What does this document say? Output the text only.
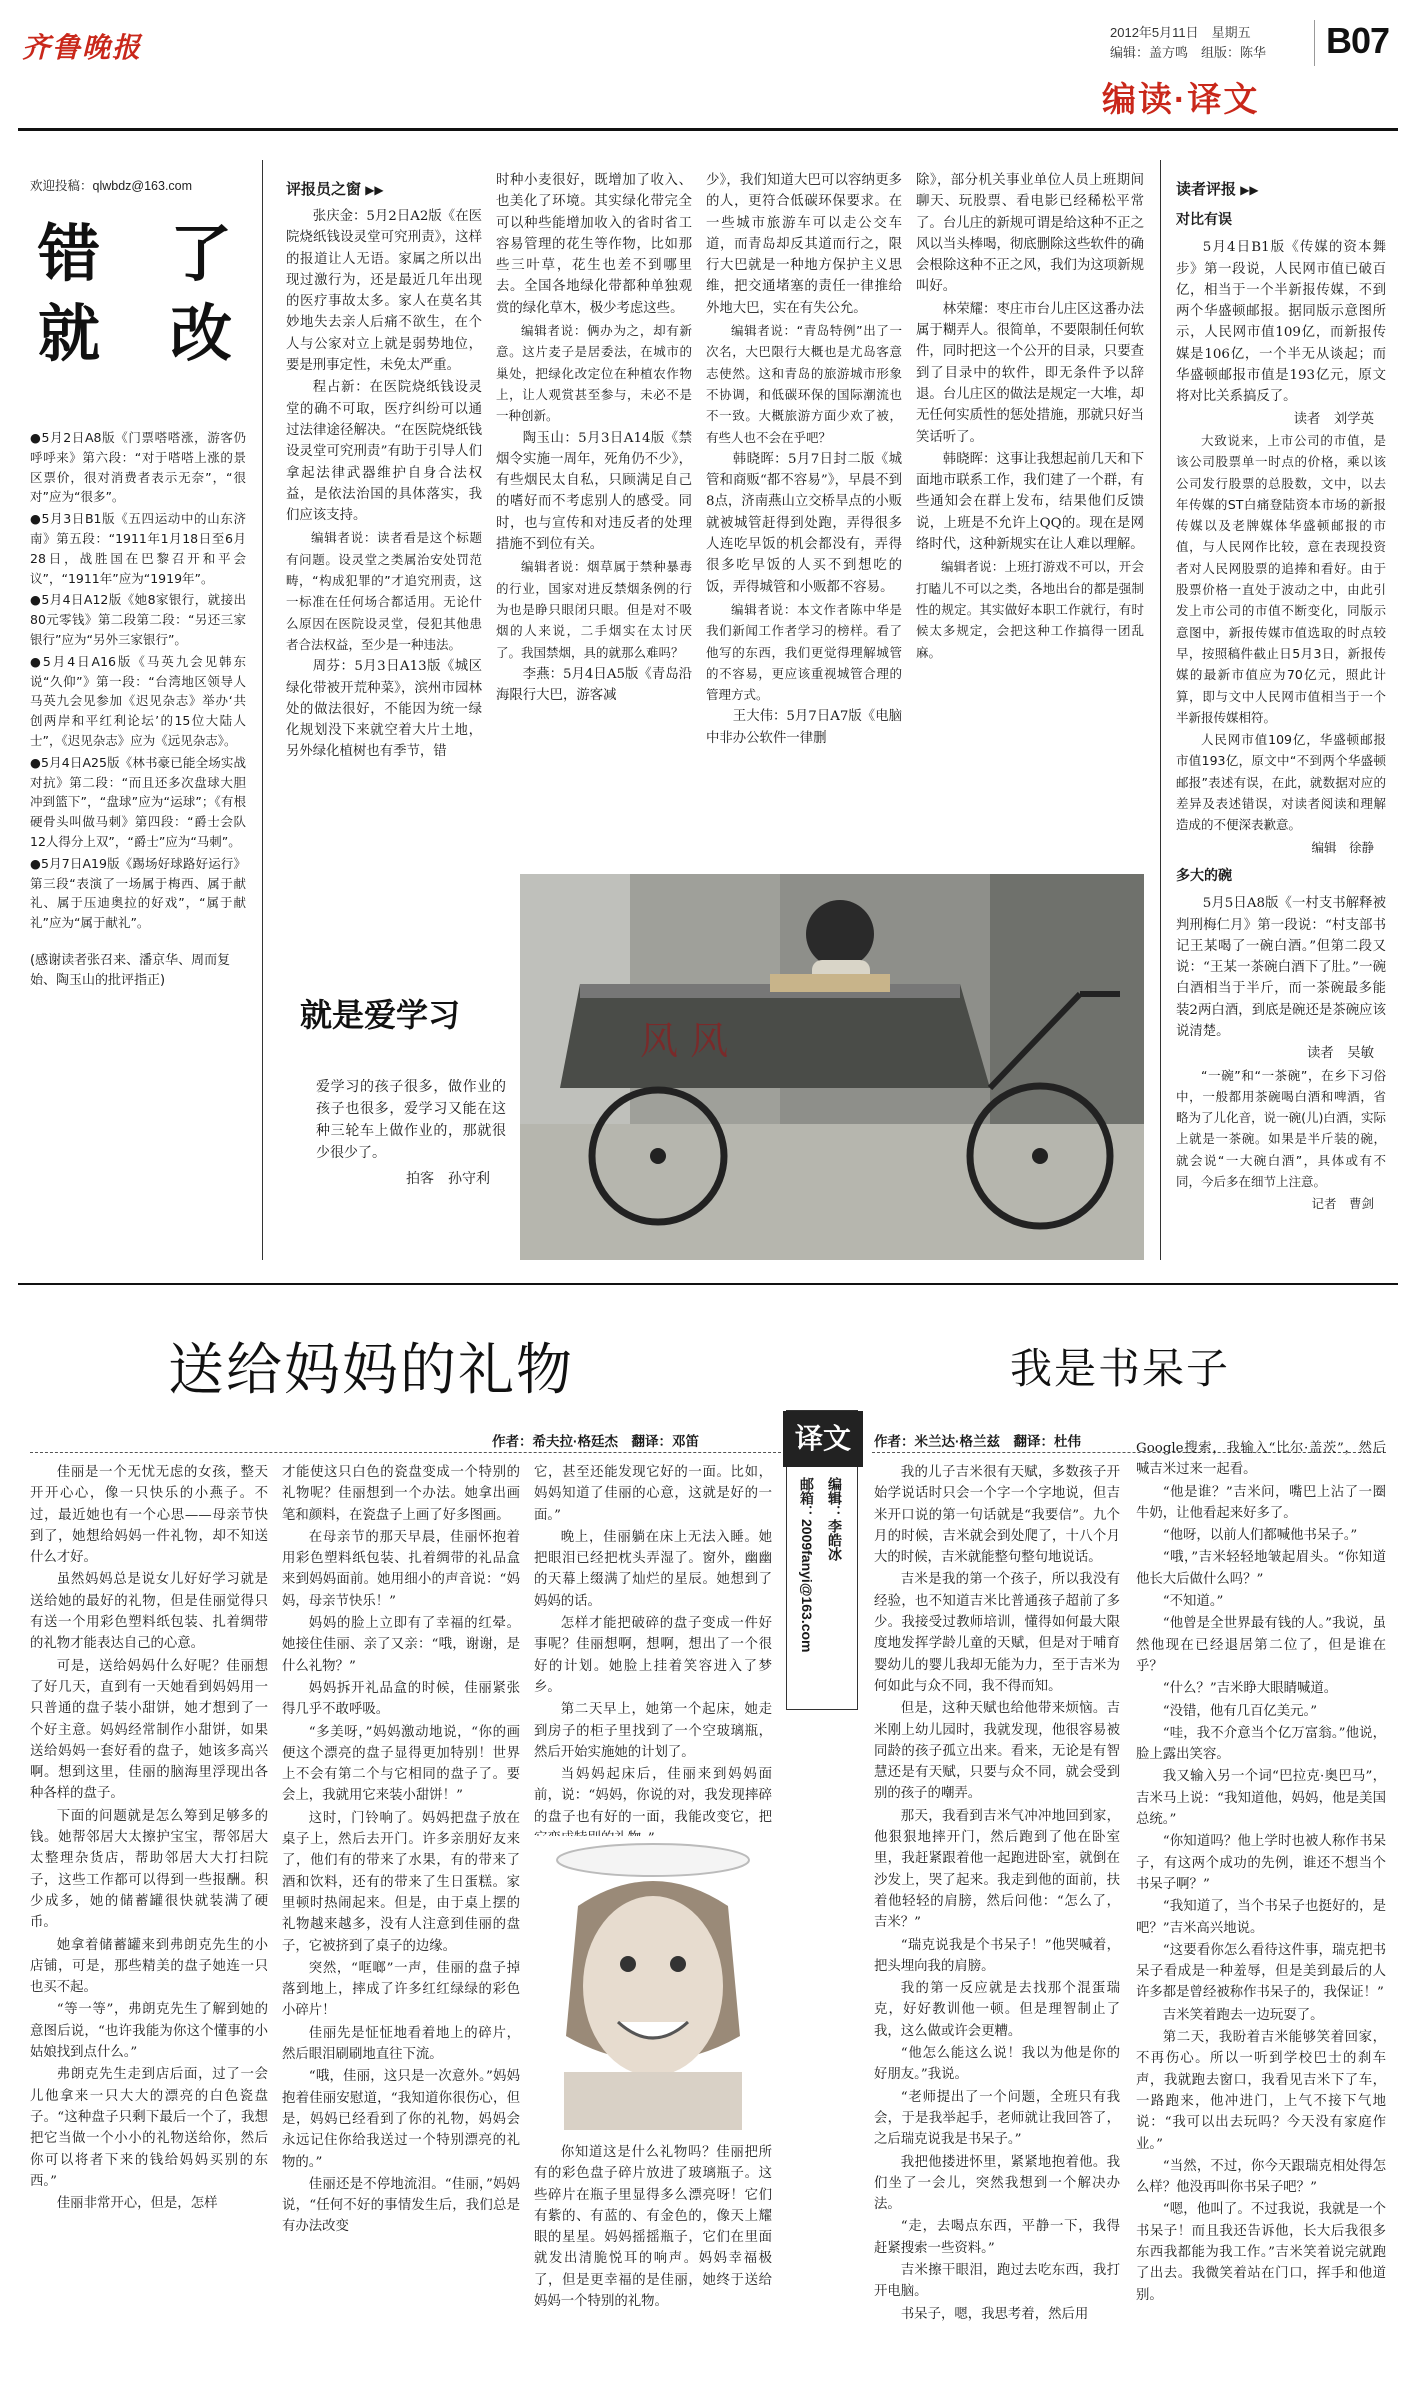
齐鲁晚报	2012年5月11日　 星期五
编辑：盖方鸣　组版：陈华 B07
编读·译文
欢迎投稿：qlwbdz@163.com
错　了
就　改

●5月2日A8版《门票嗒嗒涨，游客仍呼呼来》第六段：“对于嗒嗒上涨的景区票价，很对消费者表示无奈”，“很对”应为“很多”。

●5月3日B1版《五四运动中的山东济南》第五段：“1911年1月18日至6月28日，战胜国在巴黎召开和平会议”，“1911年”应为“1919年”。

●5月4日A12版《她8家银行，就接出80元零钱》第二段第二段：“另还三家银行”应为“另外三家银行”。

●5月4日A16版《马英九会见韩东说“久仰”》第一段：“台湾地区领导人马英九会见参加《迟见杂志》举办‘共创两岸和平红利论坛’的15位大陆人士”，《迟见杂志》应为《远见杂志》。

●5月4日A25版《林书豪已能全场实战对抗》第二段：“而且还多次盘球大胆冲到篮下”，“盘球”应为“运球”；《有根硬骨头叫做马刺》第四段：“爵士会队12人得分上双”，“爵士”应为“马刺”。

●5月7日A19版《踢场好球路好运行》第三段“表演了一场属于梅西、属于献礼、属于压迪奥拉的好戏”，“属于献礼”应为“属于献礼”。

(感谢读者张召来、潘京华、周而复始、陶玉山的批评指正)
评报员之窗 ▶▶

张庆金：5月2日A2版《在医院烧纸钱设灵堂可究刑责》，这样的报道让人无语。家属之所以出现过激行为，还是最近几年出现的医疗事故太多。家人在莫名其妙地失去亲人后痛不欲生，在个人与公家对立上就是弱势地位，要是刑事定性，未免太严重。

程占新：在医院烧纸钱设灵堂的确不可取，医疗纠纷可以通过法律途径解决。“在医院烧纸钱设灵堂可究刑责”有助于引导人们拿起法律武器维护自身合法权益，是依法治国的具体落实，我们应该支持。

编辑者说：读者看是这个标题有问题。设灵堂之类属治安处罚范畴，“构成犯罪的”才追究刑责，这一标准在任何场合都适用。无论什么原因在医院设灵堂，侵犯其他患者合法权益，至少是一种违法。

周芬：5月3日A13版《城区绿化带被开荒种菜》，滨州市园林处的做法很好，不能因为统一绿化规划没下来就空着大片土地，另外绿化植树也有季节，错

时种小麦很好，既增加了收入、也美化了环境。其实绿化带完全可以种些能增加收入的省时省工容易管理的花生等作物，比如那些三叶草，花生也差不到哪里去。全国各地绿化带都种单独观赏的绿化草木，极少考虑这些。

编辑者说：俩办为之，却有新意。这片麦子是居委法，在城市的巢处，把绿化改定位在种植农作物上，让人观赏甚至参与，未必不是一种创新。

陶玉山：5月3日A14版《禁烟令实施一周年，死角仍不少》，有些烟民太自私，只顾满足自己的嗜好而不考虑别人的感受。同时，也与宣传和对违反者的处理措施不到位有关。

编辑者说：烟草属于禁种暴毒的行业，国家对进反禁烟条例的行为也是睁只眼闭只眼。但是对不吸烟的人来说，二手烟实在太讨厌了。我国禁烟，具的就那么难吗？

李燕：5月4日A5版《青岛沿海限行大巴，游客减

少》，我们知道大巴可以容纳更多的人，更符合低碳环保要求。在一些城市旅游车可以走公交车道，而青岛却反其道而行之，限行大巴就是一种地方保护主义思维，把交通堵塞的责任一律推给外地大巴，实在有失公允。

编辑者说：“青岛特例”出了一次名，大巴限行大概也是尤岛客意志使然。这和青岛的旅游城市形象不协调，和低碳环保的国际潮流也不一致。大概旅游方面少欢了被，有些人也不会在乎吧？

韩晓晖：5月7日封二版《城管和商贩“都不容易”》，早晨不到8点，济南燕山立交桥旱点的小贩就被城管赶得到处跑，弄得很多人连吃早饭的机会都没有，弄得很多吃早饭的人买不到想吃的饭，弄得城管和小贩都不容易。

编辑者说：本文作者陈中华是我们新闻工作者学习的榜样。看了他写的东西，我们更觉得理解城管的不容易，更应该重视城管合理的管理方式。

王大伟：5月7日A7版《电脑中非办公软件一律删

除》，部分机关事业单位人员上班期间聊天、玩股票、看电影已经稀松平常了。台儿庄的新规可谓是给这种不正之风以当头棒喝，彻底删除这些软件的确会根除这种不正之风，我们为这项新规叫好。

林荣耀：枣庄市台儿庄区这番办法属于糊弄人。很简单，不要限制任何软件，同时把这一个公开的目录，只要查到了目录中的软件，即无条件予以辞退。台儿庄区的做法是规定一大堆，却无任何实质性的惩处措施，那就只好当笑话听了。

韩晓晖：这事让我想起前几天和下面地市联系工作，我们建了一个群，有些通知会在群上发布，结果他们反馈说，上班是不允许上QQ的。现在是网络时代，这种新规实在让人难以理解。

编辑者说：上班打游戏不可以，开会打瞌儿不可以之类，各地出台的都是强制性的规定。其实做好本职工作就行，有时候太多规定，会把这种工作搞得一团乱麻。

就是爱学习
爱学习的孩子很多，做作业的孩子也很多，爱学习又能在这种三轮车上做作业的，那就很少很少了。
拍客　孙守利
风 风
读者评报 ▶▶
对比有误

5月4日B1版《传媒的资本舞步》第一段说，人民网市值已破百亿，相当于一个半新报传媒，不到两个华盛顿邮报。据同版示意图所示，人民网市值109亿，而新报传媒是106亿，一个半无从谈起；而华盛顿邮报市值是193亿元，原文将对比关系搞反了。

读者　刘学英

大致说来，上市公司的市值，是该公司股票单一时点的价格，乘以该公司发行股票的总股数，文中，以去年传媒的ST白痛登陆资本市场的新报传媒以及老牌媒体华盛顿邮报的市值，与人民网作比较，意在表现投资者对人民网股票的追捧和看好。由于股票价格一直处于波动之中，由此引发上市公司的市值不断变化，同版示意图中，新报传媒市值选取的时点较早，按照稿件截止日5月3日，新报传媒的最新市值应为70亿元，照此计算，即与文中人民网市值相当于一个半新报传媒相符。

人民网市值109亿，华盛顿邮报市值193亿，原文中“不到两个华盛顿邮报”表述有误，在此，就数据对应的差异及表述错误，对读者阅读和理解造成的不便深表歉意。

编辑　徐静
多大的碗

5月5日A8版《一村支书解释被判刑梅仁月》第一段说：“村支部书记王某喝了一碗白酒。”但第二段又说：“王某一茶碗白酒下了肚。”一碗白酒相当于半斤，而一茶碗最多能装2两白酒，到底是碗还是茶碗应该说清楚。

读者　吴敏

“一碗”和“一茶碗”，在乡下习俗中，一般都用茶碗喝白酒和啤酒，省略为了儿化音，说一碗(儿)白酒，实际上就是一茶碗。如果是半斤装的碗，就会说“一大碗白酒”，具体或有不同，今后多在细节上注意。

记者　曹剑
送给妈妈的礼物
作者：希夫拉·格廷杰　翻译：邓笛

佳丽是一个无忧无虑的女孩，整天开开心心，像一只快乐的小燕子。不过，最近她也有一个心思——母亲节快到了，她想给妈妈一件礼物，却不知送什么才好。

虽然妈妈总是说女儿好好学习就是送给她的最好的礼物，但是佳丽觉得只有送一个用彩色塑料纸包装、扎着绸带的礼物才能表达自己的心意。

可是，送给妈妈什么好呢？佳丽想了好几天，直到有一天她看到妈妈用一只普通的盘子装小甜饼，她才想到了一个好主意。妈妈经常制作小甜饼，如果送给妈妈一套好看的盘子，她该多高兴啊。想到这里，佳丽的脑海里浮现出各种各样的盘子。

下面的问题就是怎么筹到足够多的钱。她帮邻居大太擦护宝宝，帮邻居大太整理杂货店，帮助邻居大大打扫院子，这些工作都可以得到一些报酬。积少成多，她的储蓄罐很快就装满了硬币。

她拿着储蓄罐来到弗朗克先生的小店铺，可是，那些精美的盘子她连一只也买不起。

“等一等”，弗朗克先生了解到她的意图后说，“也许我能为你这个懂事的小姑娘找到点什么。”

弗朗克先生走到店后面，过了一会儿他拿来一只大大的漂亮的白色瓷盘子。“这种盘子只剩下最后一个了，我想把它当做一个小小的礼物送给你，然后你可以将者下来的钱给妈妈买别的东西。”

佳丽非常开心，但是，怎样

才能使这只白色的瓷盘变成一个特别的礼物呢？佳丽想到一个办法。她拿出画笔和颜料，在瓷盘子上画了好多图画。

在母亲节的那天早晨，佳丽怀抱着用彩色塑料纸包装、扎着绸带的礼品盒来到妈妈面前。她用细小的声音说：“妈妈，母亲节快乐！”

妈妈的脸上立即有了幸福的红晕。她接住佳丽、亲了又亲：“哦，谢谢，是什么礼物？”

妈妈拆开礼品盒的时候，佳丽紧张得几乎不敢呼吸。

“多美呀，”妈妈激动地说，“你的画便这个漂亮的盘子显得更加特别！世界上不会有第二个与它相同的盘子了。要会上，我就用它来装小甜饼！”

这时，门铃响了。妈妈把盘子放在桌子上，然后去开门。许多亲朋好友来了，他们有的带来了水果，有的带来了酒和饮料，还有的带来了生日蛋糕。家里顿时热闹起来。但是，由于桌上摆的礼物越来越多，没有人注意到佳丽的盘子，它被挤到了桌子的边缘。

突然，“哐啷”一声，佳丽的盘子掉落到地上，摔成了许多红红绿绿的彩色小碎片！

佳丽先是怔怔地看着地上的碎片，然后眼泪刷刷地直往下流。

“哦，佳丽，这只是一次意外。”妈妈抱着佳丽安慰道，“我知道你很伤心，但是，妈妈已经看到了你的礼物，妈妈会永远记住你给我送过一个特别漂亮的礼物的。”

佳丽还是不停地流泪。“佳丽，”妈妈说，“任何不好的事情发生后，我们总是有办法改变

它，甚至还能发现它好的一面。比如，妈妈知道了佳丽的心意，这就是好的一面。”

晚上，佳丽躺在床上无法入睡。她把眼泪已经把枕头弄湿了。窗外，幽幽的天幕上缀满了灿烂的星辰。她想到了妈妈的话。

怎样才能把破碎的盘子变成一件好事呢？佳丽想啊，想啊，想出了一个很好的计划。她脸上挂着笑容进入了梦乡。

第二天早上，她第一个起床，她走到房子的柜子里找到了一个空玻璃瓶，然后开始实施她的计划了。

当妈妈起床后，佳丽来到妈妈面前，说：“妈妈，你说的对，我发现摔碎的盘子也有好的一面，我能改变它，把

你知道这是什么礼物吗？佳丽把所有的彩色盘子碎片放进了玻璃瓶子。这些碎片在瓶子里显得多么漂亮呀！它们有紫的、有蓝的、有金色的，像天上耀眼的星星。妈妈摇摇瓶子，它们在里面就发出清脆悦耳的响声。妈妈幸福极了，但是更幸福的是佳丽，她终于送给妈妈一个特别的礼物。

译文
编辑：李皓冰
邮箱：2009fanyi@163.com
我是书呆子
作者：米兰达·格兰兹　翻译：杜伟

我的儿子吉米很有天赋，多数孩子开始学说话时只会一个字一个字地说，但吉米开口说的第一句话就是“我要信”。九个月的时候，吉米就会到处爬了，十八个月大的时候，吉米就能整句整句地说话。

吉米是我的第一个孩子，所以我没有经验，也不知道吉米比普通孩子超前了多少。我接受过教师培训，懂得如何最大限度地发挥学龄儿童的天赋，但是对于哺育婴幼儿的婴儿我却无能为力，至于吉米为何如此与众不同，我不得而知。

但是，这种天赋也给他带来烦恼。吉米刚上幼儿园时，我就发现，他很容易被同龄的孩子孤立出来。看来，无论是有智慧还是有天赋，只要与众不同，就会受到别的孩子的嘲弄。

那天，我看到吉米气冲冲地回到家，他狠狠地摔开门，然后跑到了他在卧室里，我赶紧跟着他一起跑进卧室，就倒在沙发上，哭了起来。我走到他的面前，扶着他轻轻的肩膀，然后问他：“怎么了，吉米？”

“瑞克说我是个书呆子！”他哭喊着，把头埋向我的肩膀。

我的第一反应就是去找那个混蛋瑞克，好好教训他一顿。但是理智制止了我，这么做或许会更糟。

“他怎么能这么说！我以为他是你的好朋友。”我说。

“老师提出了一个问题，全班只有我会，于是我举起手，老师就让我回答了，之后瑞克说我是书呆子。”

我把他搂进怀里，紧紧地抱着他。我们坐了一会儿，突然我想到一个解决办法。

“走，去喝点东西，平静一下，我得赶紧搜索一些资料。”

吉米擦干眼泪，跑过去吃东西，我打开电脑。

书呆子，嗯，我思考着，然后用

Google搜索，我输入“比尔·盖茨”，然后喊吉米过来一起看。

“他是谁？”吉米问，嘴巴上沾了一圈牛奶，让他看起来好多了。

“他呀，以前人们都喊他书呆子。”

“哦，”吉米轻轻地皱起眉头。“你知道他长大后做什么吗？”

“不知道。”

“他曾是全世界最有钱的人。”我说，虽然他现在已经退居第二位了，但是谁在乎？

“什么？”吉米睁大眼睛喊道。

“没错，他有几百亿美元。”

“哇，我不介意当个亿万富翁。”他说，脸上露出笑容。

我又输入另一个词“巴拉克·奥巴马”，吉米马上说：“我知道他，妈妈，他是美国总统。”

“你知道吗？他上学时也被人称作书呆子，有这两个成功的先例，谁还不想当个书呆子啊？”

“我知道了，当个书呆子也挺好的，是吧？”吉米高兴地说。

“这要看你怎么看待这件事，瑞克把书呆子看成是一种羞辱，但是美到最后的人许多都是曾经被称作书呆子的，我保证！”

吉米笑着跑去一边玩耍了。

第二天，我盼着吉米能够笑着回家，不再伤心。所以一听到学校巴士的刹车声，我就跑去窗口，我看见吉米下了车，一路跑来，他冲进门，上气不接下气地说：“我可以出去玩吗？今天没有家庭作业。”

“当然，不过，你今天跟瑞克相处得怎么样？他没再叫你书呆子吧？”

“嗯，他叫了。不过我说，我就是一个书呆子！而且我还告诉他，长大后我很多东西我都能为我工作。”吉米笑着说完就跑了出去。我微笑着站在门口，挥手和他道别。
